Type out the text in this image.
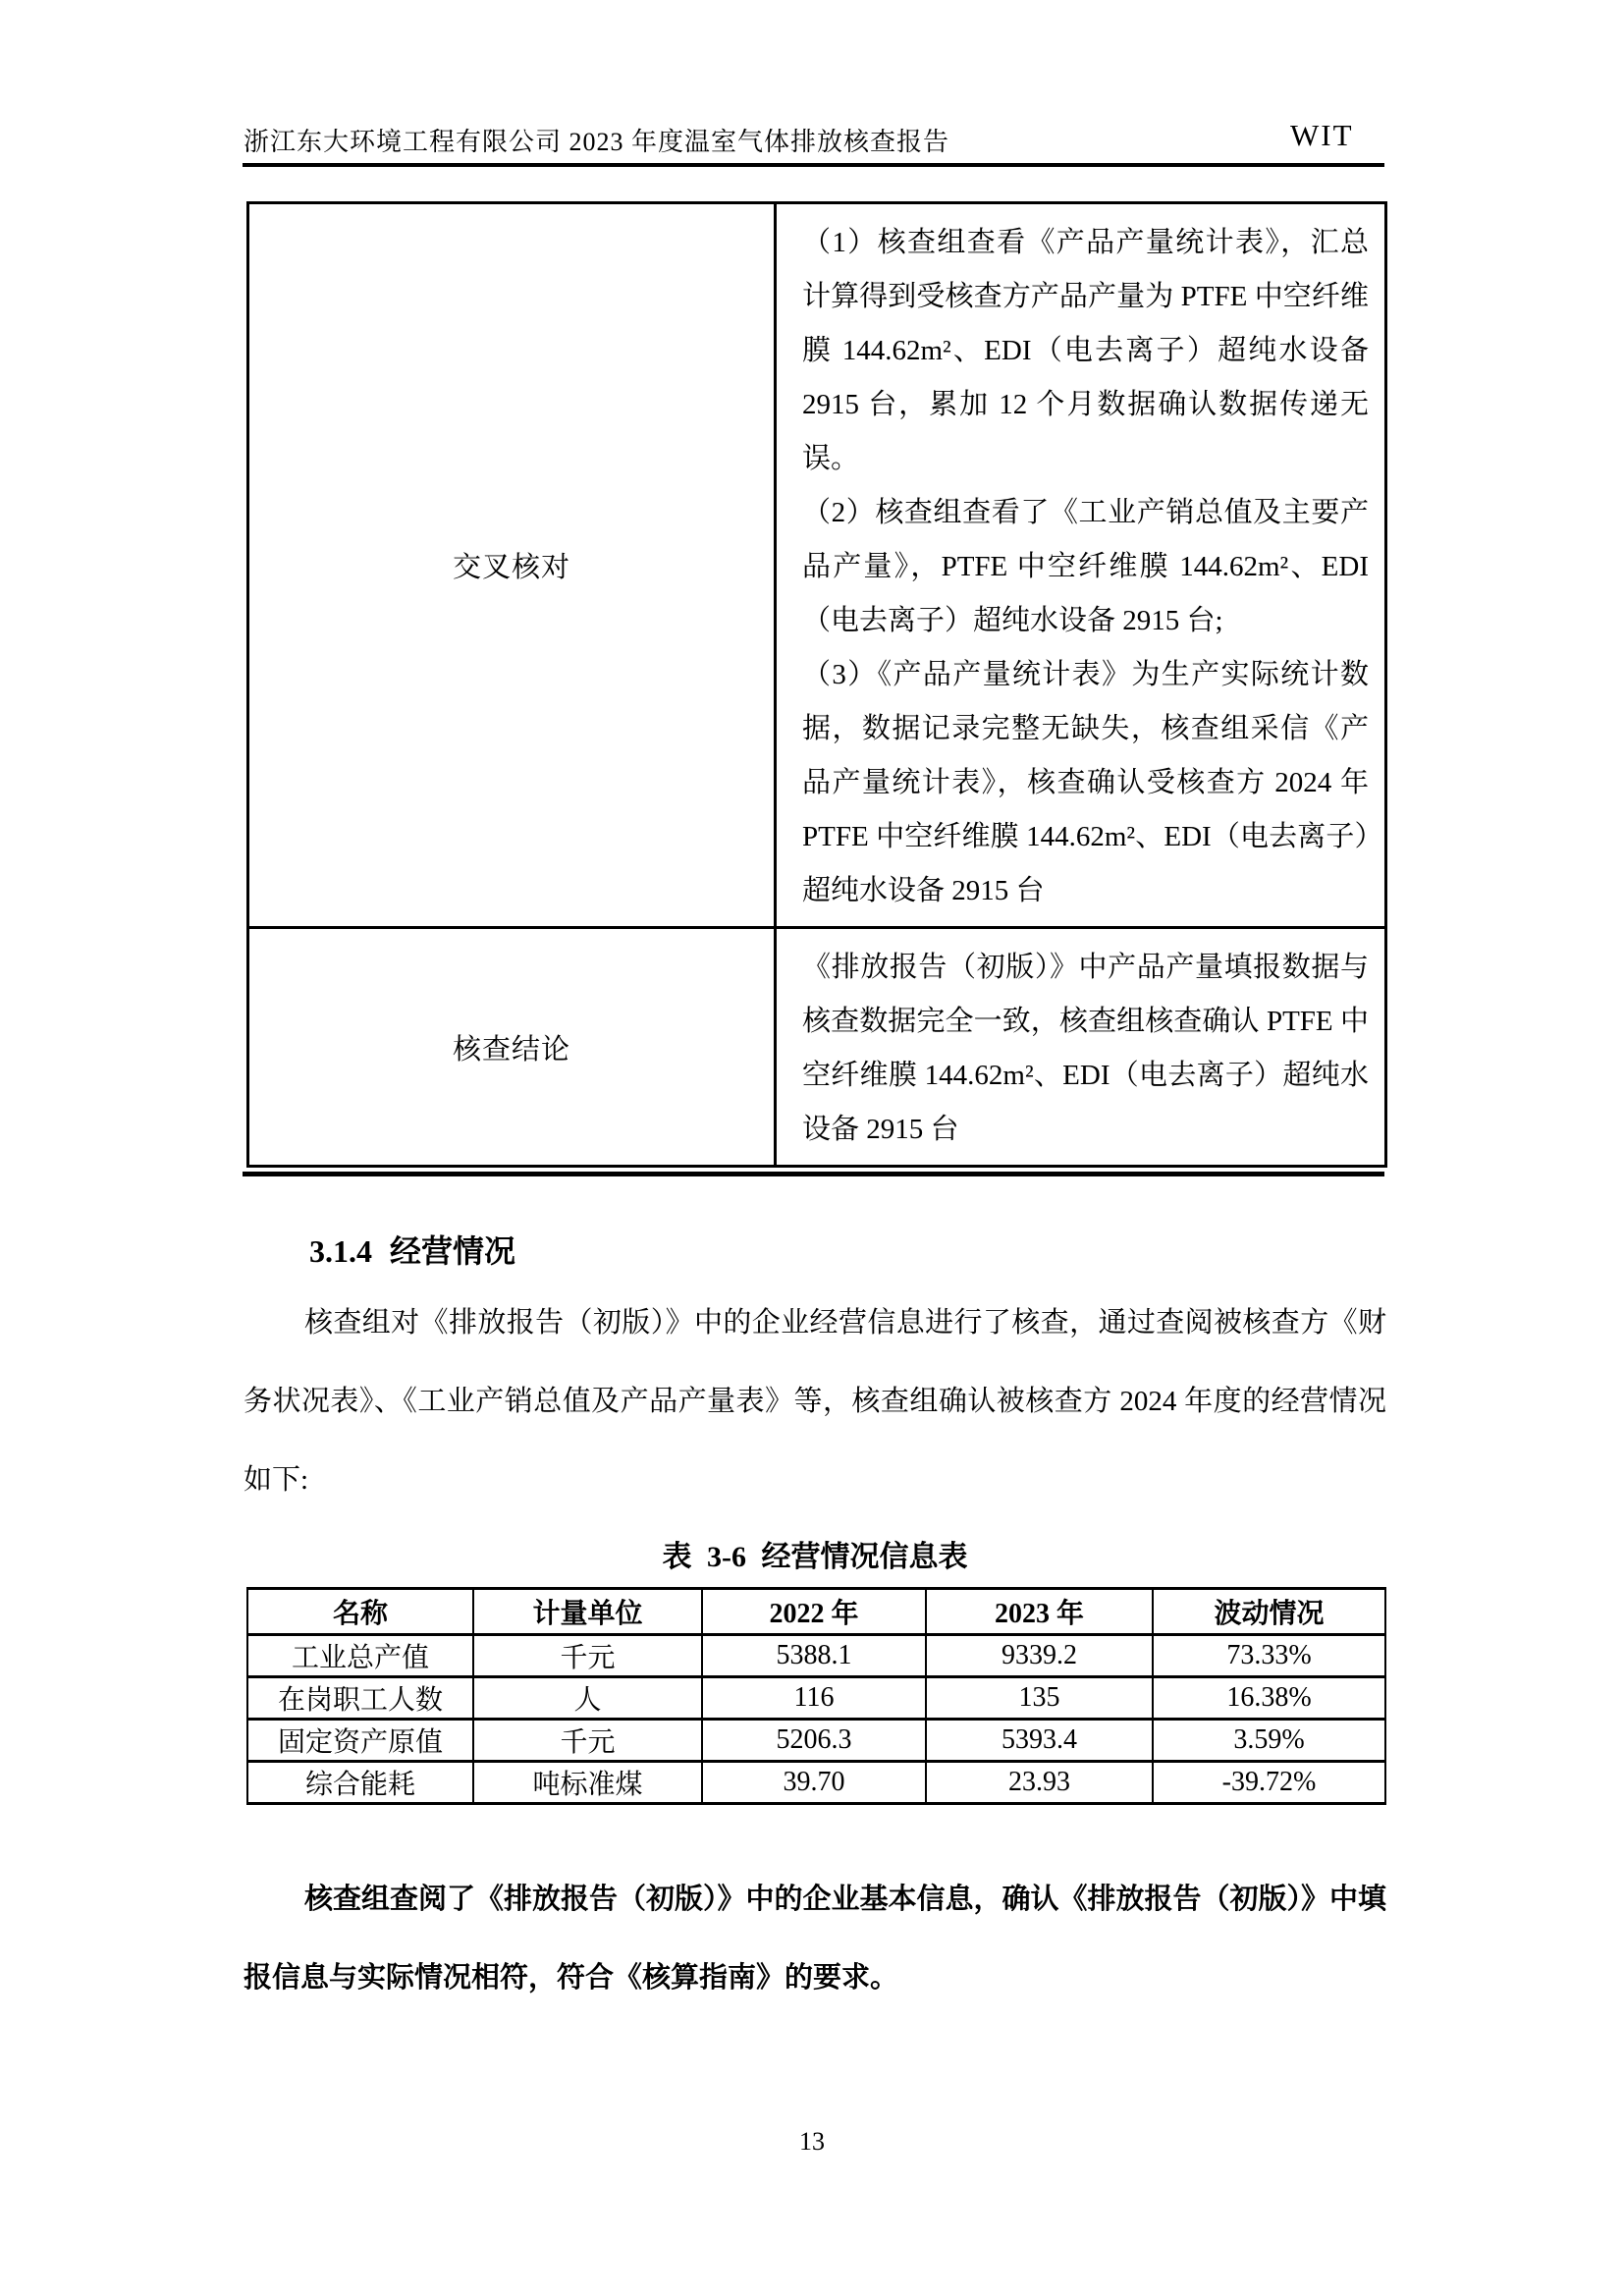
浙江东大环境工程有限公司 2023 年度温室气体排放核查报告	WIT
交叉核对	（1）核查组查看《产品产量统计表》，汇总计算得到受核查方产品产量为 PTFE 中空纤维膜 144.62m²、EDI（电去离子）超纯水设备 2915 台，累加 12 个月数据确认数据传递无误。

（2）核查组查看了《工业产销总值及主要产品产量》，PTFE 中空纤维膜 144.62m²、EDI（电去离子）超纯水设备 2915 台;

（3）《产品产量统计表》为生产实际统计数据，数据记录完整无缺失，核查组采信《产品产量统计表》，核查确认受核查方 2024 年 PTFE 中空纤维膜 144.62m²、EDI（电去离子）超纯水设备 2915 台

核查结论	《排放报告（初版）》中产品产量填报数据与核查数据完全一致，核查组核查确认 PTFE 中空纤维膜 144.62m²、EDI（电去离子）超纯水设备 2915 台

3.1.4 经营情况
核查组对《排放报告（初版）》中的企业经营信息进行了核查，通过查阅被核查方《财务状况表》、《工业产销总值及产品产量表》等，核查组确认被核查方 2024 年度的经营情况如下:
表 3-6 经营情况信息表
名称	计量单位	2022 年	2023 年	波动情况
工业总产值	千元	5388.1	9339.2	73.33%
在岗职工人数	人	116	135	16.38%
固定资产原值	千元	5206.3	5393.4	3.59%
综合能耗	吨标准煤	39.70	23.93	-39.72%
核查组查阅了《排放报告（初版）》中的企业基本信息，确认《排放报告（初版）》中填报信息与实际情况相符，符合《核算指南》的要求。
13
